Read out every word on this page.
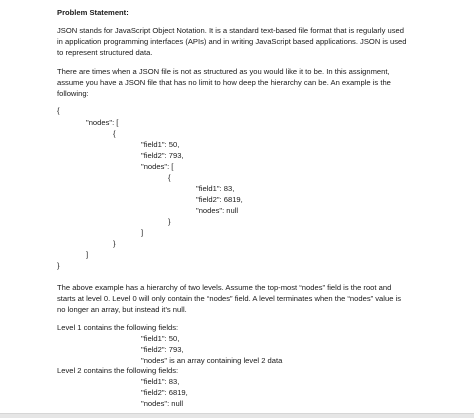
Problem Statement:
JSON stands for JavaScript Object Notation. It is a standard text-based file format that is regularly used
in application programming interfaces (APIs) and in writing JavaScript based applications. JSON is used
to represent structured data.
There are times when a JSON file is not as structured as you would like it to be. In this assignment,
assume you have a JSON file that has no limit to how deep the hierarchy can be. An example is the
following:
{
"nodes": [
{
"field1": 50,
"field2": 793,
"nodes": [
{
"field1": 83,
"field2": 6819,
"nodes": null
}
]
}
]
}
The above example has a hierarchy of two levels. Assume the top-most “nodes” field is the root and
starts at level 0. Level 0 will only contain the “nodes” field. A level terminates when the “nodes” value is
no longer an array, but instead it’s null.
Level 1 contains the following fields:
"field1": 50,
"field2": 793,
"nodes" is an array containing level 2 data
Level 2 contains the following fields:
"field1": 83,
"field2": 6819,
"nodes": null
